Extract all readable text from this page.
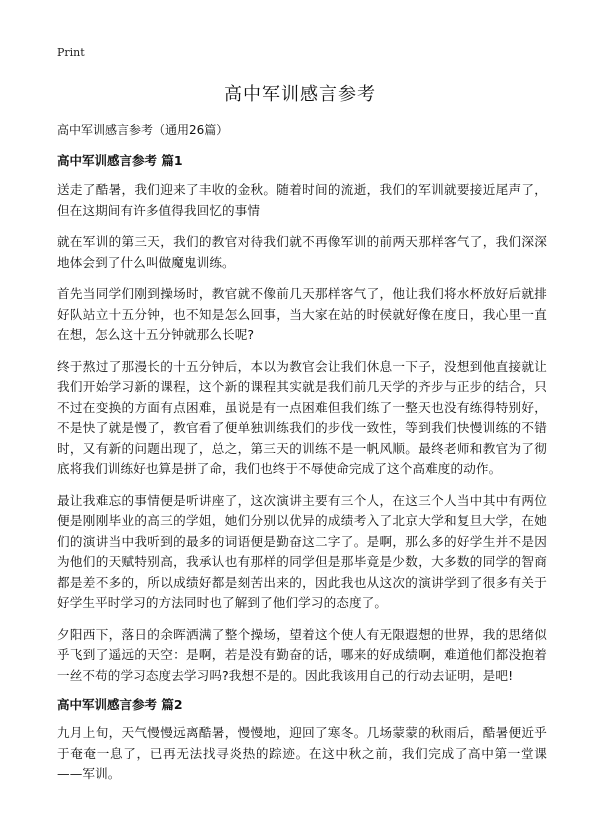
Print
高中军训感言参考

高中军训感言参考（通用26篇）

高中军训感言参考 篇1

送走了酷暑，我们迎来了丰收的金秋。随着时间的流逝，我们的军训就要接近尾声了，但在这期间有许多值得我回忆的事情

就在军训的第三天，我们的教官对待我们就不再像军训的前两天那样客气了，我们深深地体会到了什么叫做魔鬼训练。

首先当同学们刚到操场时，教官就不像前几天那样客气了，他让我们将水杯放好后就排好队站立十五分钟，也不知是怎么回事，当大家在站的时侯就好像在度日，我心里一直在想，怎么这十五分钟就那么长呢?

终于熬过了那漫长的十五分钟后，本以为教官会让我们休息一下子，没想到他直接就让我们开始学习新的课程，这个新的课程其实就是我们前几天学的齐步与正步的结合，只不过在变换的方面有点困难，虽说是有一点困难但我们练了一整天也没有练得特别好，不是快了就是慢了，教官看了便单独训练我们的步伐一致性，等到我们快慢训练的不错时，又有新的问题出现了，总之，第三天的训练不是一帆风顺。最终老师和教官为了彻底将我们训练好也算是拼了命，我们也终于不辱使命完成了这个高难度的动作。

最让我难忘的事情便是听讲座了，这次演讲主要有三个人，在这三个人当中其中有两位便是刚刚毕业的高三的学姐，她们分别以优异的成绩考入了北京大学和复旦大学，在她们的演讲当中我听到的最多的词语便是勤奋这二字了。是啊，那么多的好学生并不是因为他们的天赋特别高，我承认也有那样的同学但是那毕竟是少数，大多数的同学的智商都是差不多的，所以成绩好都是刻苦出来的，因此我也从这次的演讲学到了很多有关于好学生平时学习的方法同时也了解到了他们学习的态度了。

夕阳西下，落日的余晖洒满了整个操场，望着这个使人有无限遐想的世界，我的思绪似乎飞到了遥远的天空：是啊，若是没有勤奋的话，哪来的好成绩啊，难道他们都没抱着一丝不苟的学习态度去学习吗?我想不是的。因此我该用自己的行动去证明，是吧!

高中军训感言参考 篇2

九月上旬，天气慢慢远离酷暑，慢慢地，迎回了寒冬。几场蒙蒙的秋雨后，酷暑便近乎于奄奄一息了，已再无法找寻炎热的踪迹。在这中秋之前，我们完成了高中第一堂课——军训。
